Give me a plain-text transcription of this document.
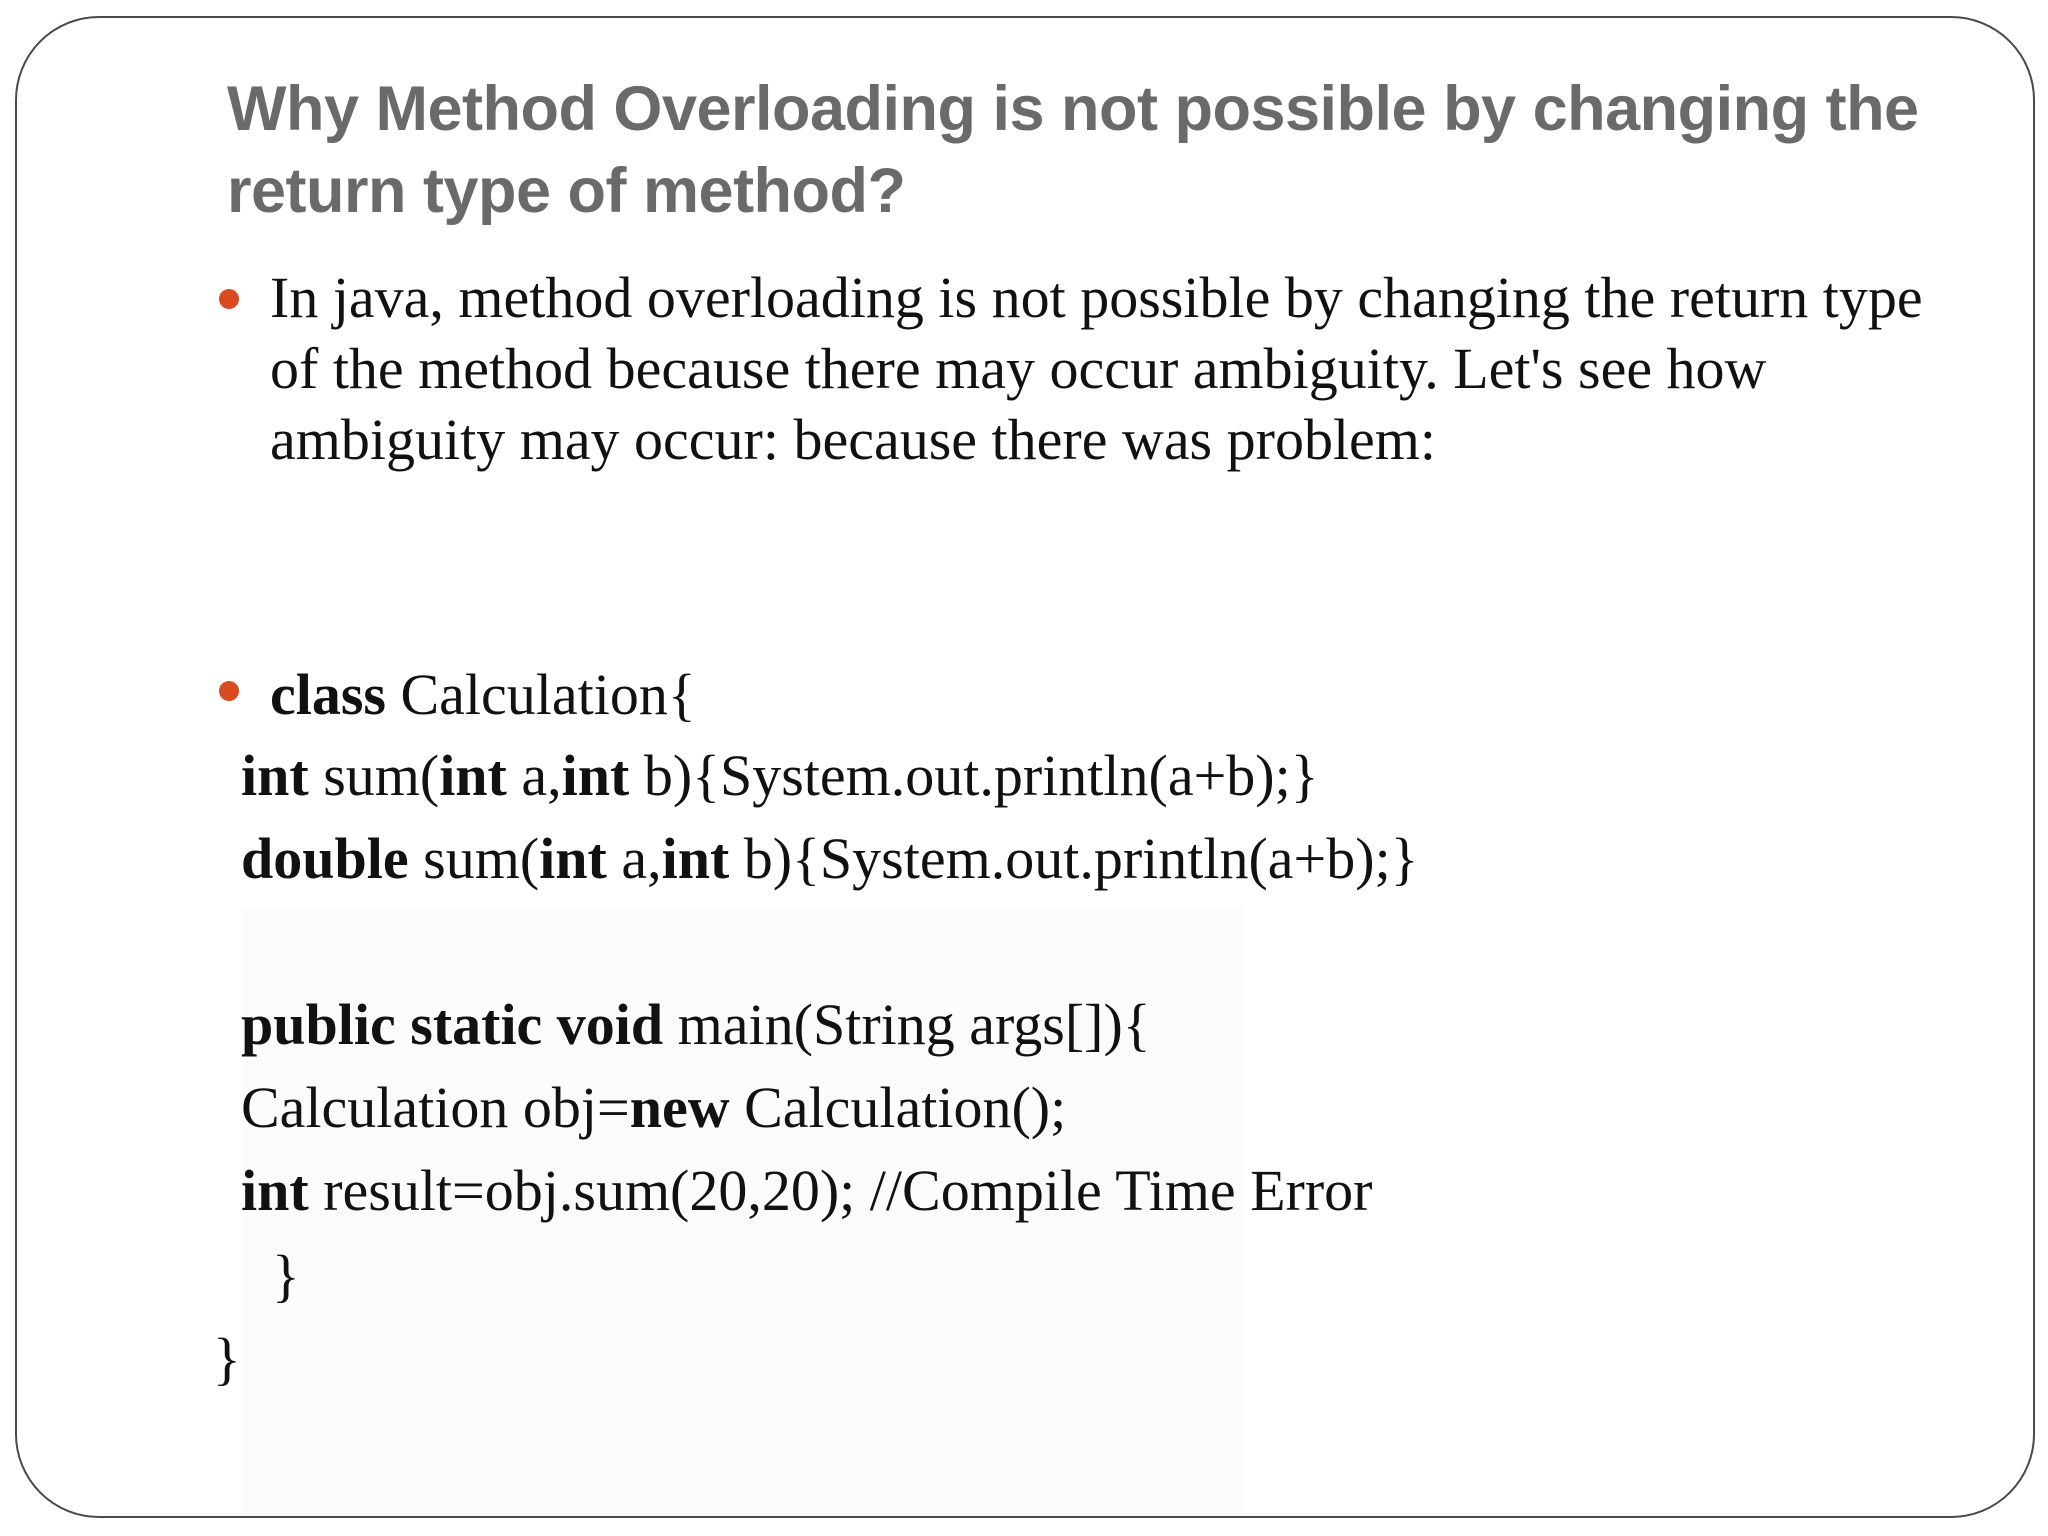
Why Method Overloading is not possible by changing the return type of method?

In java, method overloading is not possible by changing the return type of the method because there may occur ambiguity. Let's see how ambiguity may occur: because there was problem:

class Calculation{

int sum(int a,int b){System.out.println(a+b);}

double sum(int a,int b){System.out.println(a+b);}

public static void main(String args[]){

Calculation obj=new Calculation();

int result=obj.sum(20,20); //Compile Time Error

}

}
